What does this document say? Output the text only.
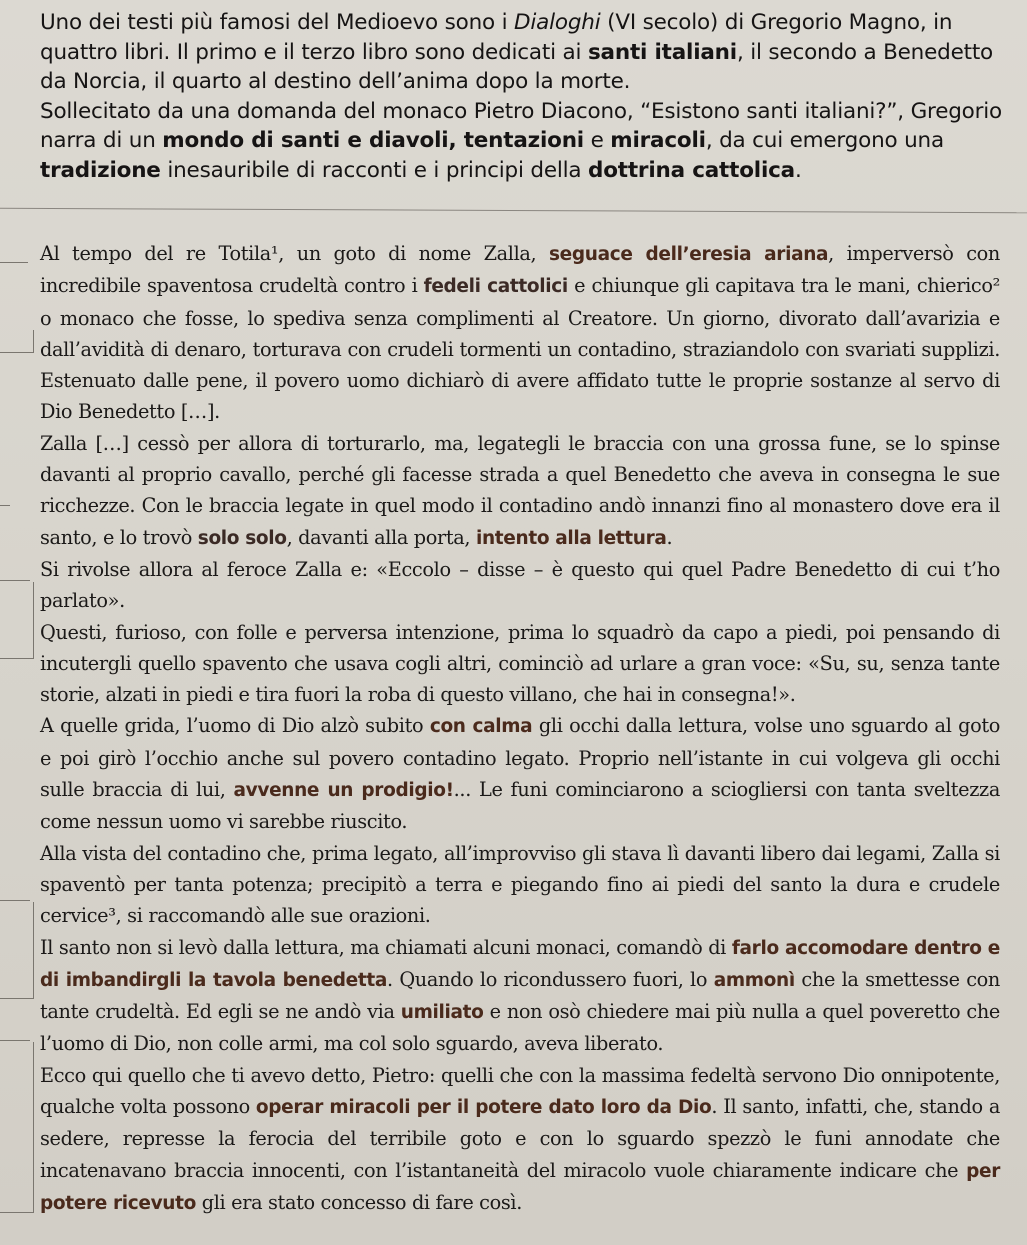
Uno dei testi più famosi del Medioevo sono i Dialoghi (VI secolo) di Gregorio Magno, in quattro libri. Il primo e il terzo libro sono dedicati ai santi italiani, il secondo a Benedetto da Norcia, il quarto al destino dell’anima dopo la morte.

Sollecitato da una domanda del monaco Pietro Diacono, “Esistono santi italiani?”, Gregorio narra di un mondo di santi e diavoli, tentazioni e miracoli, da cui emergono una tradizione inesauribile di racconti e i principi della dottrina cattolica.

Al tempo del re Totila¹, un goto di nome Zalla, seguace dell’eresia ariana, imperversò con incredibile spaventosa crudeltà contro i fedeli cattolici e chiunque gli capitava tra le mani, chierico² o monaco che fosse, lo spediva senza complimenti al Creatore. Un giorno, divorato dall’avarizia e dall’avidità di denaro, torturava con crudeli tormenti un contadino, straziandolo con svariati supplizi. Estenuato dalle pene, il povero uomo dichiarò di avere affidato tutte le proprie sostanze al servo di Dio Benedetto […].

Zalla […] cessò per allora di torturarlo, ma, legategli le braccia con una grossa fune, se lo spinse davanti al proprio cavallo, perché gli facesse strada a quel Benedetto che aveva in consegna le sue ricchezze. Con le braccia legate in quel modo il contadino andò innanzi fino al monastero dove era il santo, e lo trovò solo solo, davanti alla porta, intento alla lettura.

Si rivolse allora al feroce Zalla e: «Eccolo – disse – è questo qui quel Padre Benedetto di cui t’ho parlato».

Questi, furioso, con folle e perversa intenzione, prima lo squadrò da capo a piedi, poi pensando di incutergli quello spavento che usava cogli altri, cominciò ad urlare a gran voce: «Su, su, senza tante storie, alzati in piedi e tira fuori la roba di questo villano, che hai in consegna!».

A quelle grida, l’uomo di Dio alzò subito con calma gli occhi dalla lettura, volse uno sguardo al goto e poi girò l’occhio anche sul povero contadino legato. Proprio nell’istante in cui volgeva gli occhi sulle braccia di lui, avvenne un prodigio!... Le funi cominciarono a sciogliersi con tanta sveltezza come nessun uomo vi sarebbe riuscito.

Alla vista del contadino che, prima legato, all’improvviso gli stava lì davanti libero dai legami, Zalla si spaventò per tanta potenza; precipitò a terra e piegando fino ai piedi del santo la dura e crudele cervice³, si raccomandò alle sue orazioni.

Il santo non si levò dalla lettura, ma chiamati alcuni monaci, comandò di farlo accomodare dentro e di imbandirgli la tavola benedetta. Quando lo ricondussero fuori, lo ammonì che la smettesse con tante crudeltà. Ed egli se ne andò via umiliato e non osò chiedere mai più nulla a quel poveretto che l’uomo di Dio, non colle armi, ma col solo sguardo, aveva liberato.

Ecco qui quello che ti avevo detto, Pietro: quelli che con la massima fedeltà servono Dio onnipotente, qualche volta possono operar miracoli per il potere dato loro da Dio. Il santo, infatti, che, stando a sedere, represse la ferocia del terribile goto e con lo sguardo spezzò le funi annodate che incatenavano braccia innocenti, con l’istantaneità del miracolo vuole chiaramente indicare che per potere ricevuto gli era stato concesso di fare così.
